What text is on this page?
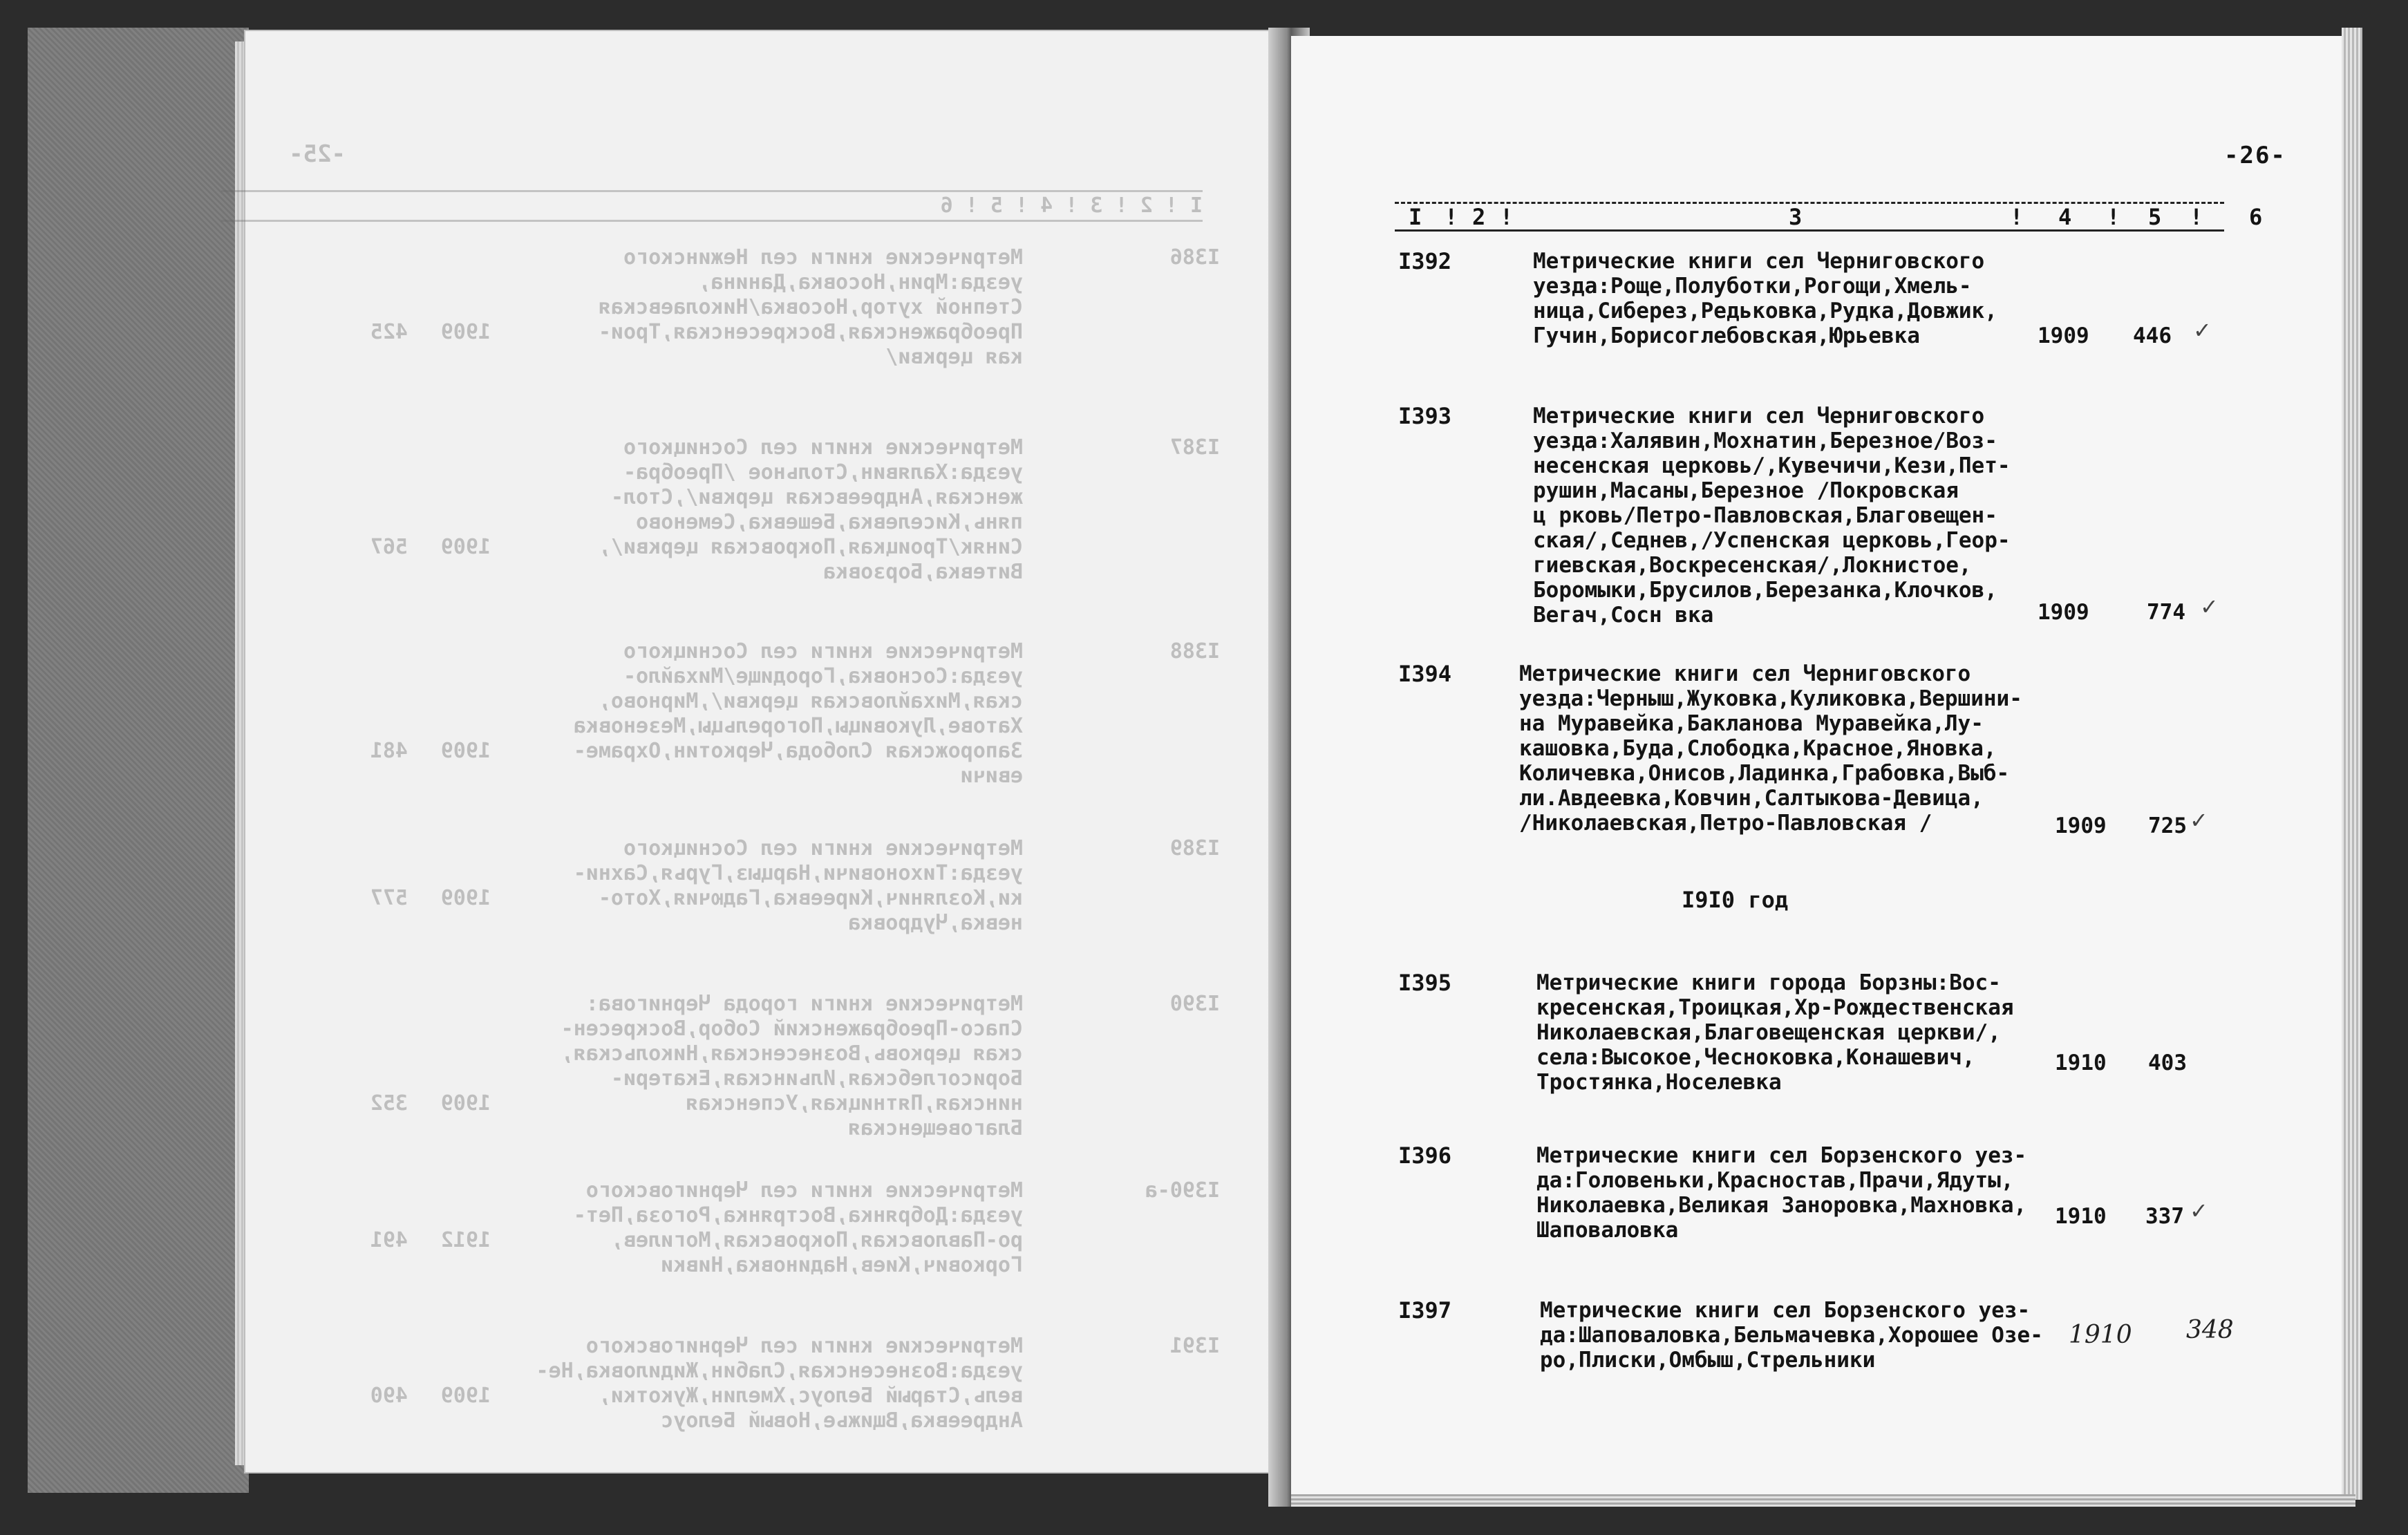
-25-
I ! 2 ! 3 ! 4 ! 5 ! 6
I386
Метрические книги сел Нежинского
уезда:Мрин,Носовка,Данина,
Степной хутор,Носовка/Николаевская
Преображенская,Воскресенская,Трои-
кая церкви/
1909
425
I387
Метрические книги сел Сосницкого
уезда:Халявин,Стольное /Преобра-
женская,Андреевская церкви/,Стол-
пянь,Киселевка,Бешевка,Семеново
Синяк/Троицкая,Покровская церкви/,
Витевка,Борзовка
1909
567
I388
Метрические книги сел Сосницкого
уезда:Сосновка,Городище/Михайло-
ская,Михайловская церкви/,Мирново,
Хатове,Луковицы,Погорельцы,Мезеновка
Запорожская Слобода,Черкотин,Охраме-
евичи
1909
481
I389
Метрические книги сел Сосницкого
уезда:Тихоновичи,Нарцыз,Гурья,Сахни-
ки,Козлянич,Киреевка,Гадючия,Хото-
невка,Чудровка
1909
577
I390
Метрические книги города Чернигова:
Спасо-Преображенский Собор,Воскресен-
ская церковь,Вознесенская,Никольская,
Борисоглебская,Ильинская,Екатери-
нинская,Пятницкая,Успенская
Благовещенская
1909
352
I390-а
Метрические книги сел Черниговского
уезда:Добрянка,Вострянка,Рогоза,Пет-
ро-Павловская,Покровская,Могилев,
Горкович,Киев,Надиновка,Нивки
1912
491
I391
Метрические книги сел Черниговского
уезда:Вознесенская,Слабин,Жидиловка,Не-
вель,Старый Белоус,Хмелин,Жукотки,
Андреевка,Вщижье,Новый Белоус
1909
490
-26-
I ! 2 !	3	! 4 ! 5 ! 6
I392	Метрические книги сел Черниговского
уезда:Роще,Полуботки,Рогощи,Хмель-
ница,Сиберез,Редьковка,Рудка,Довжик,
Гучин,Борисоглебовская,Юрьевка	1909 446 ✓
I393	Метрические книги сел Черниговского
уезда:Халявин,Мохнатин,Березное/Воз-
несенская церковь/,Кувечичи,Кези,Пет-
рушин,Масаны,Березное /Покровская
ц рковь/Петро-Павловская,Благовещен-
ская/,Седнев,/Успенская церковь,Геор-
гиевская,Воскресенская/,Локнистое,
Боромыки,Брусилов,Березанка,Клочков,
Вегач,Сосн вка	1909	774 ✓
I394	Метрические книги сел Черниговского
уезда:Черныш,Жуковка,Куликовка,Вершини-
на Муравейка,Бакланова Муравейка,Лу-
кашовка,Буда,Слободка,Красное,Яновка,
Количевка,Онисов,Ладинка,Грабовка,Выб-
ли.Авдеевка,Ковчин,Салтыкова-Девица,
/Николаевская,Петро-Павловская /	1909 725 ✓
I9I0 год
I395	Метрические книги города Борзны:Вос-
кресенская,Троицкая,Хр-Рождественская
Николаевская,Благовещенская церкви/,
села:Высокое,Чесноковка,Конашевич,
Тростянка,Носелевка
1910 403
I396	Метрические книги сел Борзенского уез-
да:Головеньки,Красностав,Прачи,Ядуты,
Николаевка,Великая Заноровка,Махновка,
Шаповаловка
1910 337 ✓
I397	Метрические книги сел Борзенского уез-
да:Шаповаловка,Бельмачевка,Хорошее Озе-
ро,Плиски,Омбыш,Стрельники
1910 348
